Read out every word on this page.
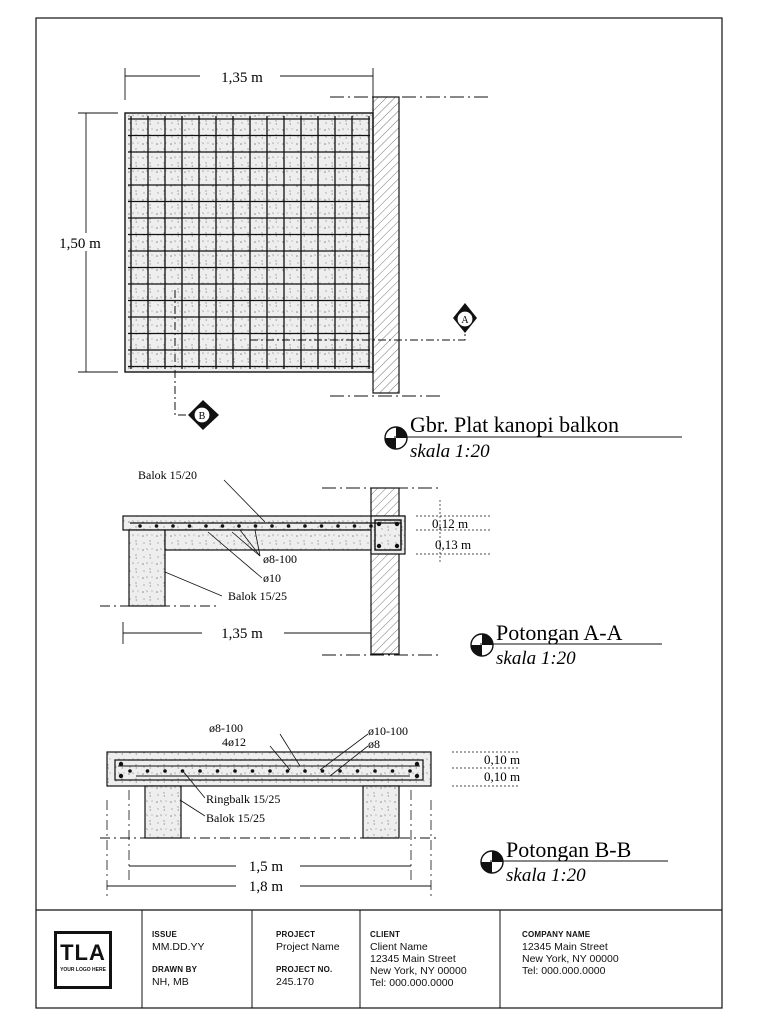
1,35 m
1,50 m
A
B	Gbr. Plat kanopi balkon
skala 1:20
Balok 15/20
ø8-100
ø10
Balok 15/25
0,12 m
0,13 m
1,35 m	Potongan A-A
skala 1:20
ø8-100
4ø12
ø10-100
ø8
Ringbalk 15/25
Balok 15/25
0,10 m
0,10 m
1,5 m
1,8 m
Potongan B-B
skala 1:20
TLA
YOUR LOGO HERE
ISSUE
MM.DD.YY
DRAWN BY
NH, MB
PROJECT
Project Name
PROJECT NO.
245.170
CLIENT
Client Name
12345 Main Street
New York, NY 00000
Tel: 000.000.0000
COMPANY NAME
12345 Main Street
New York, NY 00000
Tel: 000.000.0000
